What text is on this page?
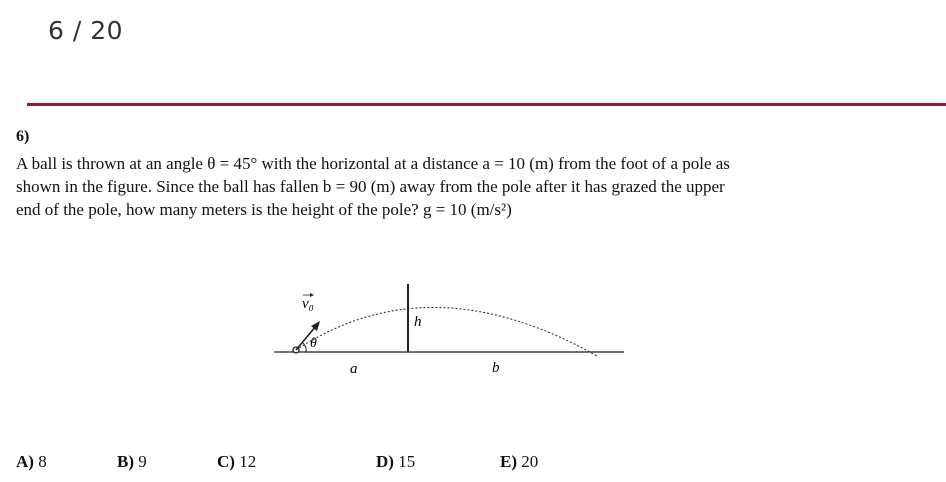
6 / 20
6)
A ball is thrown at an angle θ = 45° with the horizontal at a distance a = 10 (m) from the foot of a pole as
shown in the figure. Since the ball has fallen b = 90 (m) away from the pole after it has grazed the upper
end of the pole, how many meters is the height of the pole? g = 10 (m/s²)
v₀
θ
h
a	b
A) 8	B) 9	C) 12	D) 15	E) 20
